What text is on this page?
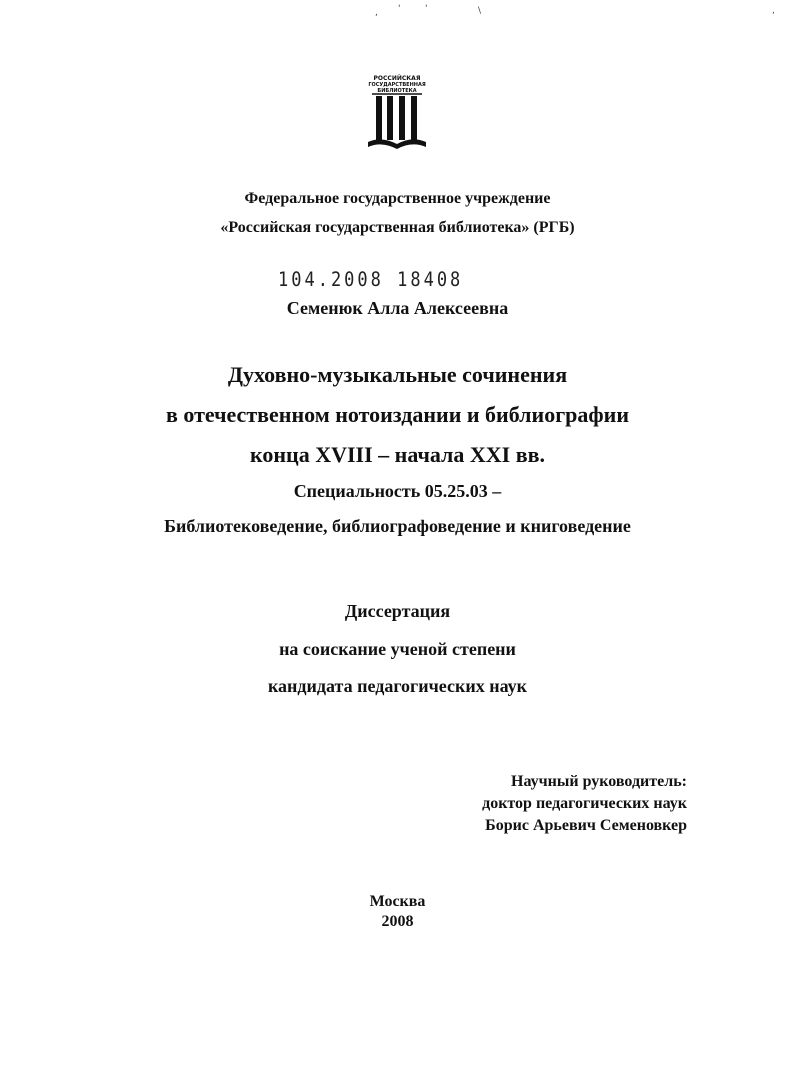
, '	'	\	,
РОССИЙСКАЯ
ГОСУДАРСТВЕННАЯ
БИБЛИОТЕКА
Федеральное государственное учреждение
«Российская государственная библиотека» (РГБ)
104.2008 18408
Семенюк Алла Алексеевна
Духовно-музыкальные сочинения
в отечественном нотоиздании и библиографии
конца XVIII – начала XXI вв.
Специальность 05.25.03 –
Библиотековедение, библиографоведение и книговедение
Диссертация
на соискание ученой степени
кандидата педагогических наук
Научный руководитель:
доктор педагогических наук
Борис Арьевич Семеновкер
Москва
2008
